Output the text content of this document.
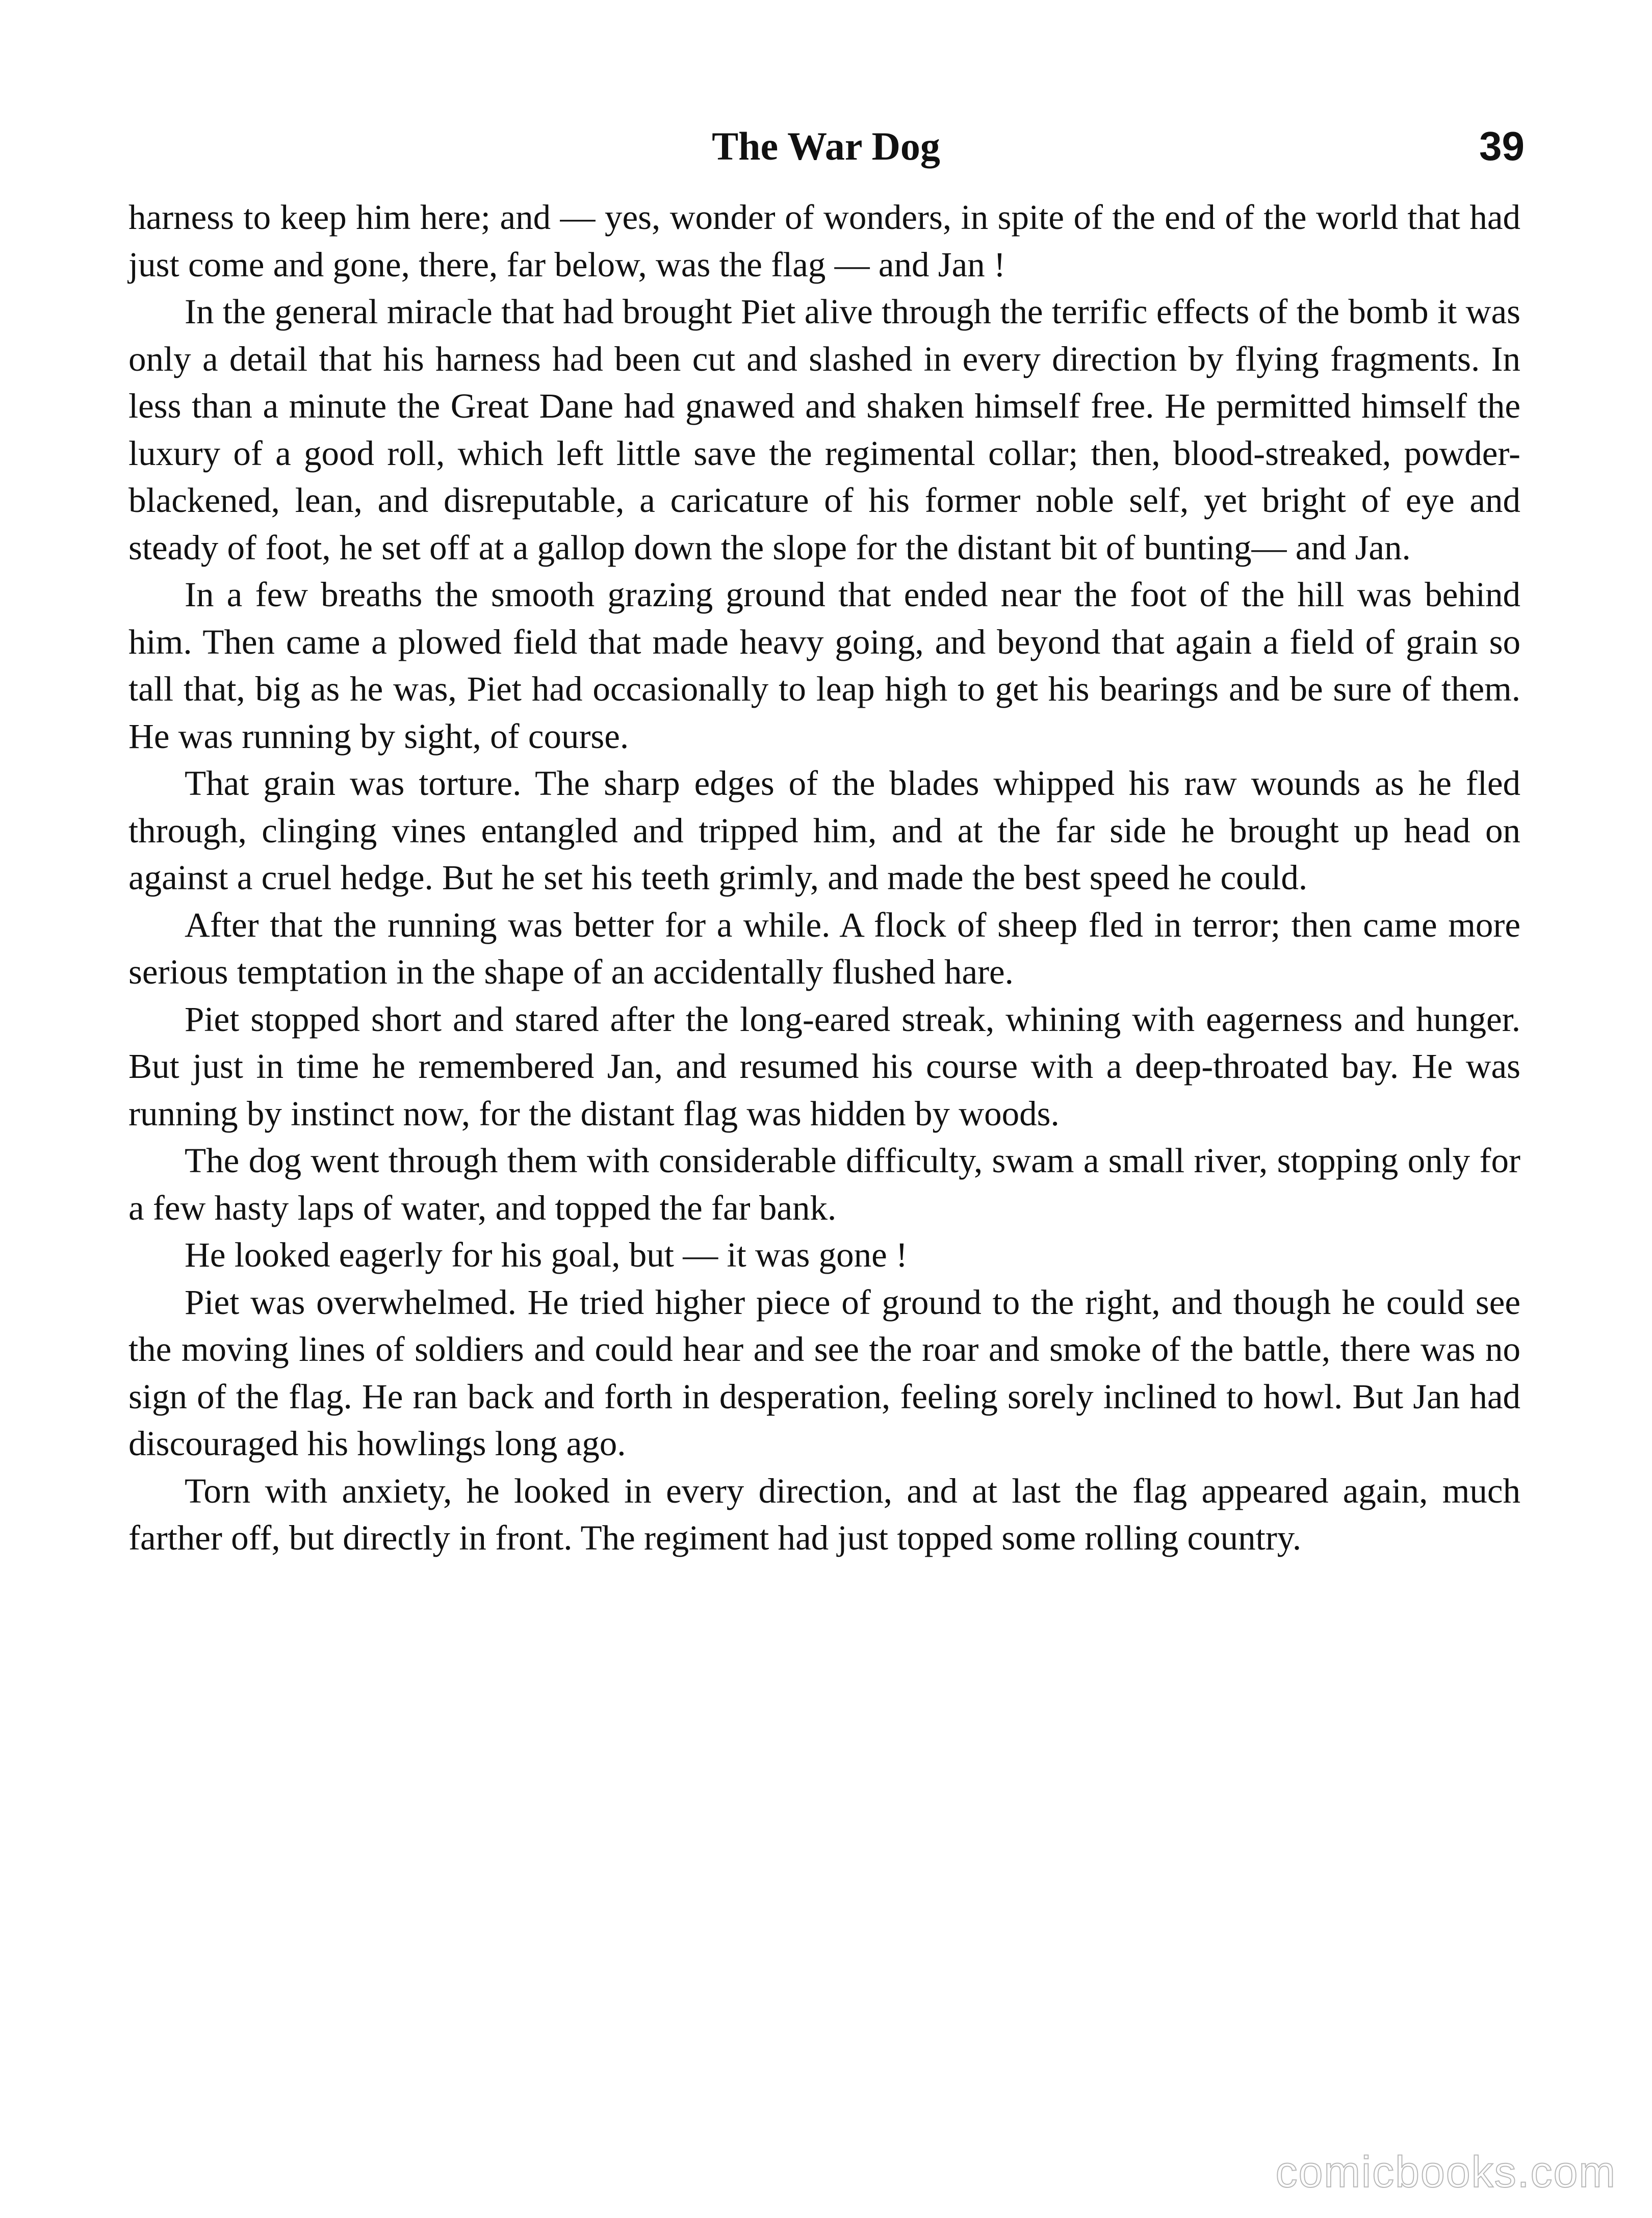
The War Dog	39

harness to keep him here; and — yes, wonder of wonders, in spite of the end of the world that had just come and gone, there, far below, was the flag — and Jan !

In the general miracle that had brought Piet alive through the terrific effects of the bomb it was only a detail that his harness had been cut and slashed in every direction by flying fragments. In less than a minute the Great Dane had gnawed and shaken himself free. He permitted himself the luxury of a good roll, which left little save the regimental collar; then, blood-streaked, powder-blackened, lean, and disreputable, a caricature of his former noble self, yet bright of eye and steady of foot, he set off at a gallop down the slope for the distant bit of bunting— and Jan.

In a few breaths the smooth grazing ground that ended near the foot of the hill was behind him. Then came a plowed field that made heavy going, and beyond that again a field of grain so tall that, big as he was, Piet had occasionally to leap high to get his bearings and be sure of them. He was running by sight, of course.

That grain was torture. The sharp edges of the blades whipped his raw wounds as he fled through, clinging vines entangled and tripped him, and at the far side he brought up head on against a cruel hedge. But he set his teeth grimly, and made the best speed he could.

After that the running was better for a while. A flock of sheep fled in terror; then came more serious temptation in the shape of an accidentally flushed hare.

Piet stopped short and stared after the long-eared streak, whining with eagerness and hunger. But just in time he remembered Jan, and resumed his course with a deep-throated bay. He was running by instinct now, for the distant flag was hidden by woods.

The dog went through them with considerable difficulty, swam a small river, stopping only for a few hasty laps of water, and topped the far bank.

He looked eagerly for his goal, but — it was gone !

Piet was overwhelmed. He tried higher piece of ground to the right, and though he could see the moving lines of soldiers and could hear and see the roar and smoke of the battle, there was no sign of the flag. He ran back and forth in desperation, feeling sorely inclined to howl. But Jan had discouraged his howlings long ago.

Torn with anxiety, he looked in every direction, and at last the flag appeared again, much farther off, but directly in front. The regiment had just topped some rolling country.

comicbooks.com
